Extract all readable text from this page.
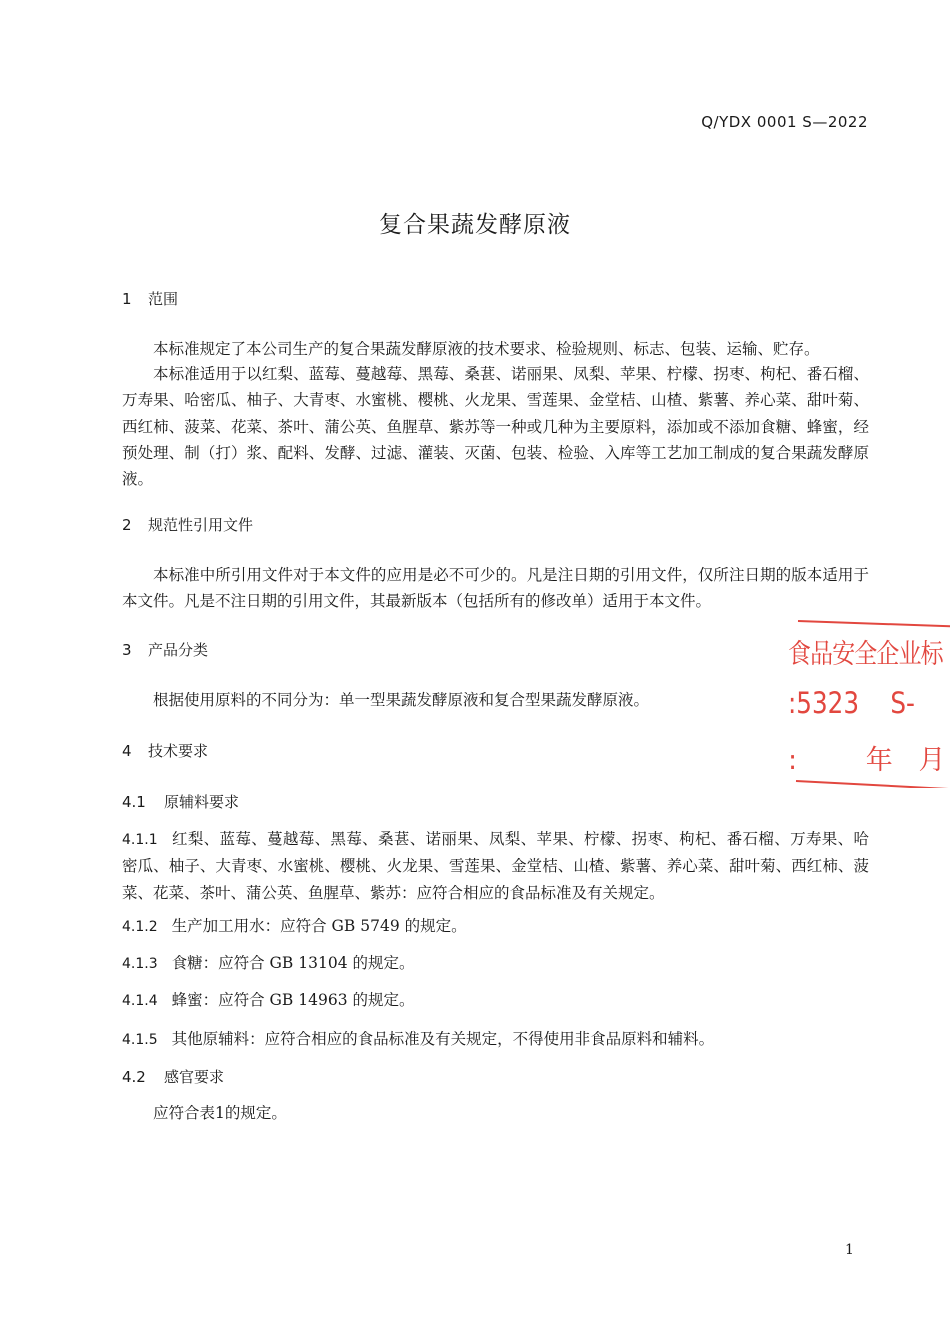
Q/YDX 0001 S—2022
复合果蔬发酵原液
1 范围
本标准规定了本公司生产的复合果蔬发酵原液的技术要求、检验规则、标志、包装、运输、贮存。
本标准适用于以红梨、蓝莓、蔓越莓、黑莓、桑葚、诺丽果、凤梨、苹果、柠檬、拐枣、枸杞、番石榴、万寿果、哈密瓜、柚子、大青枣、水蜜桃、樱桃、火龙果、雪莲果、金堂桔、山楂、紫薯、养心菜、甜叶菊、西红柿、菠菜、花菜、茶叶、蒲公英、鱼腥草、紫苏等一种或几种为主要原料，添加或不添加食糖、蜂蜜，经预处理、制（打）浆、配料、发酵、过滤、灌装、灭菌、包装、检验、入库等工艺加工制成的复合果蔬发酵原液。
2 规范性引用文件
本标准中所引用文件对于本文件的应用是必不可少的。凡是注日期的引用文件，仅所注日期的版本适用于本文件。凡是不注日期的引用文件，其最新版本（包括所有的修改单）适用于本文件。
3 产品分类
根据使用原料的不同分为：单一型果蔬发酵原液和复合型果蔬发酵原液。
4 技术要求
4.1 原辅料要求
4.1.1 红梨、蓝莓、蔓越莓、黑莓、桑葚、诺丽果、凤梨、苹果、柠檬、拐枣、枸杞、番石榴、万寿果、哈密瓜、柚子、大青枣、水蜜桃、樱桃、火龙果、雪莲果、金堂桔、山楂、紫薯、养心菜、甜叶菊、西红柿、菠菜、花菜、茶叶、蒲公英、鱼腥草、紫苏：应符合相应的食品标准及有关规定。
4.1.2 生产加工用水：应符合 GB 5749 的规定。
4.1.3 食糖：应符合 GB 13104 的规定。
4.1.4 蜂蜜：应符合 GB 14963 的规定。
4.1.5 其他原辅料：应符合相应的食品标准及有关规定，不得使用非食品原料和辅料。
4.2 感官要求
应符合表1的规定。
食品安全企业标
:5323    S-
:        年   月
1
